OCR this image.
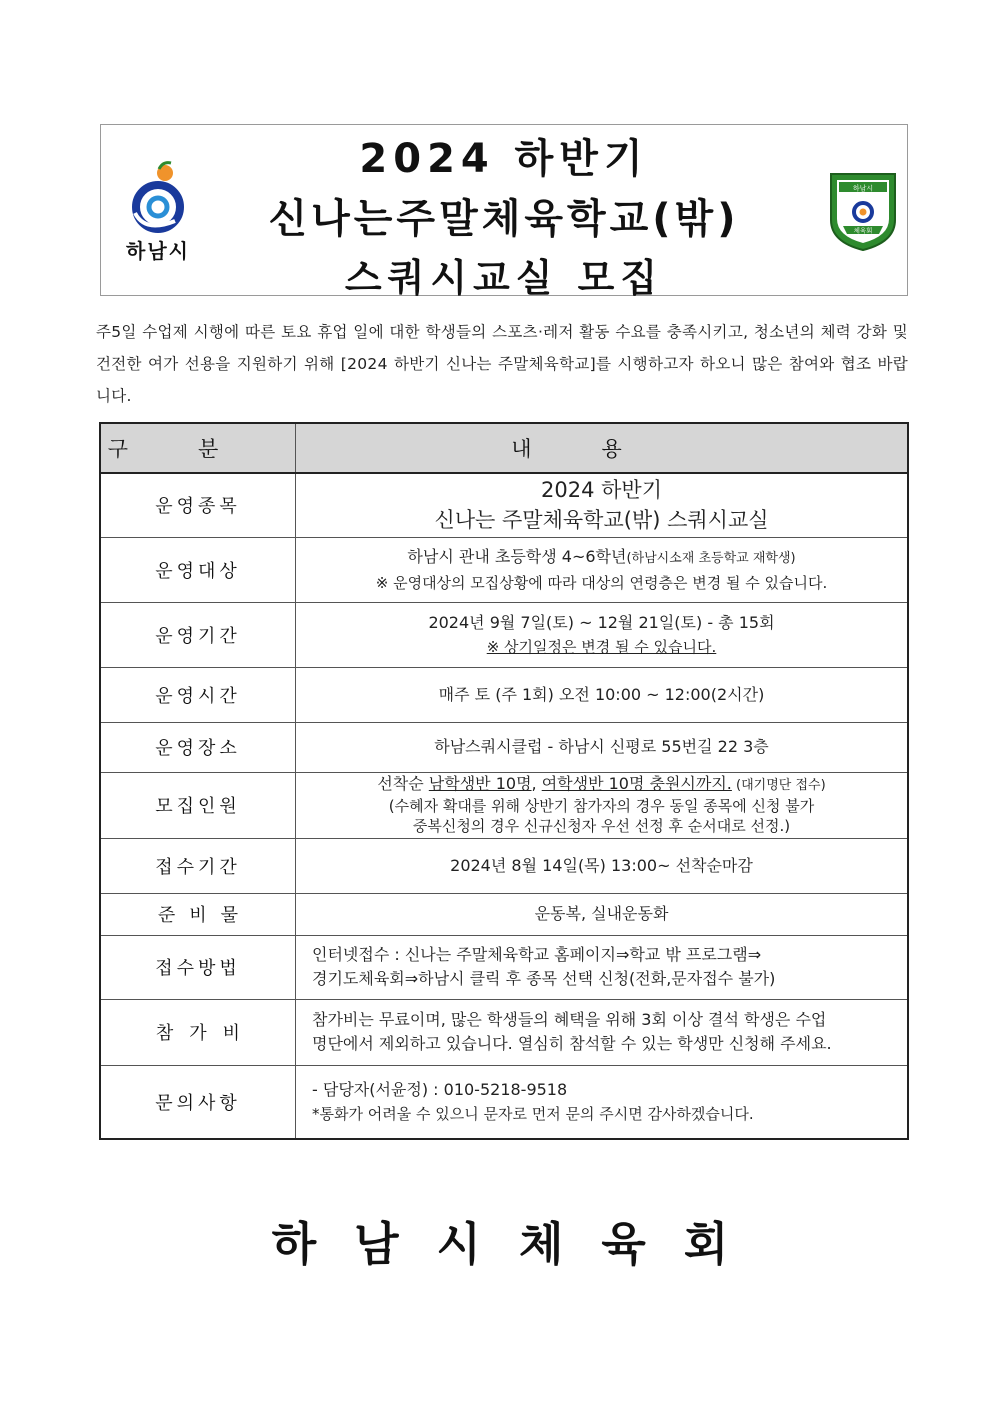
하남시
2024 하반기
신나는주말체육학교(밖)
스쿼시교실 모집
하남시
체육회
주5일 수업제 시행에 따른 토요 휴업 일에 대한 학생들의 스포츠·레저 활동 수요를 충족시키고, 청소년의 체력 강화 및 건전한 여가 선용을 지원하기 위해 [2024 하반기 신나는 주말체육학교]를 시행하고자 하오니 많은 참여와 협조 바랍니다.
구분	내용
운영종목	2024 하반기
신나는 주말체육학교(밖) 스쿼시교실

운영대상	하남시 관내 초등학생 4~6학년(하남시소재 초등학교 재학생)
※ 운영대상의 모집상황에 따라 대상의 연령층은 변경 될 수 있습니다.

운영기간	2024년 9월 7일(토) ~ 12월 21일(토) - 총 15회
※ 상기일정은 변경 될 수 있습니다.

운영시간	매주 토 (주 1회) 오전 10:00 ~ 12:00(2시간)
운영장소	하남스쿼시클럽 - 하남시 신평로 55번길 22 3층
모집인원	선착순 남학생반 10명, 여학생반 10명 충원시까지. (대기명단 접수)
(수혜자 확대를 위해 상반기 참가자의 경우 동일 종목에 신청 불가
중복신청의 경우 신규신청자 우선 선정 후 순서대로 선정.)

접수기간	2024년 8월 14일(목) 13:00~ 선착순마감
준비물	운동복, 실내운동화
접수방법	인터넷접수 : 신나는 주말체육학교 홈페이지⇒학교 밖 프로그램⇒
경기도체육회⇒하남시 클릭 후 종목 선택 신청(전화,문자접수 불가)

참가비	참가비는 무료이며, 많은 학생들의 혜택을 위해 3회 이상 결석 학생은 수업
명단에서 제외하고 있습니다. 열심히 참석할 수 있는 학생만 신청해 주세요.

문의사항	- 담당자(서윤정) : 010-5218-9518
*통화가 어려울 수 있으니 문자로 먼저 문의 주시면 감사하겠습니다.
하남시체육회
